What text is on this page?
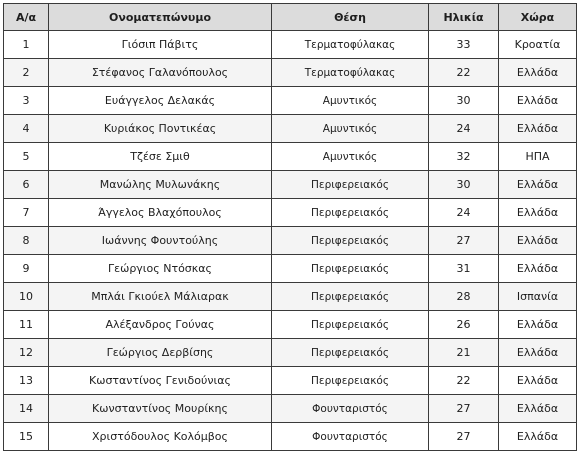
Α/α	Ονοματεπώνυμο	Θέση	Ηλικία	Χώρα
1	Γιόσιπ Πάβιτς	Τερματοφύλακας	33	Κροατία
2	Στέφανος Γαλανόπουλος	Τερματοφύλακας	22	Ελλάδα
3	Ευάγγελος Δελακάς	Αμυντικός	30	Ελλάδα
4	Κυριάκος Ποντικέας	Αμυντικός	24	Ελλάδα
5	Τζέσε Σμιθ	Αμυντικός	32	ΗΠΑ
6	Μανώλης Μυλωνάκης	Περιφερειακός	30	Ελλάδα
7	Άγγελος Βλαχόπουλος	Περιφερειακός	24	Ελλάδα
8	Ιωάννης Φουντούλης	Περιφερειακός	27	Ελλάδα
9	Γεώργιος Ντόσκας	Περιφερειακός	31	Ελλάδα
10	Μπλάι Γκιούελ Μάλιαρακ	Περιφερειακός	28	Ισπανία
11	Αλέξανδρος Γούνας	Περιφερειακός	26	Ελλάδα
12	Γεώργιος Δερβίσης	Περιφερειακός	21	Ελλάδα
13	Κωσταντίνος Γενιδούνιας	Περιφερειακός	22	Ελλάδα
14	Κωνσταντίνος Μουρίκης	Φουνταριστός	27	Ελλάδα
15	Χριστόδουλος Κολόμβος	Φουνταριστός	27	Ελλάδα
